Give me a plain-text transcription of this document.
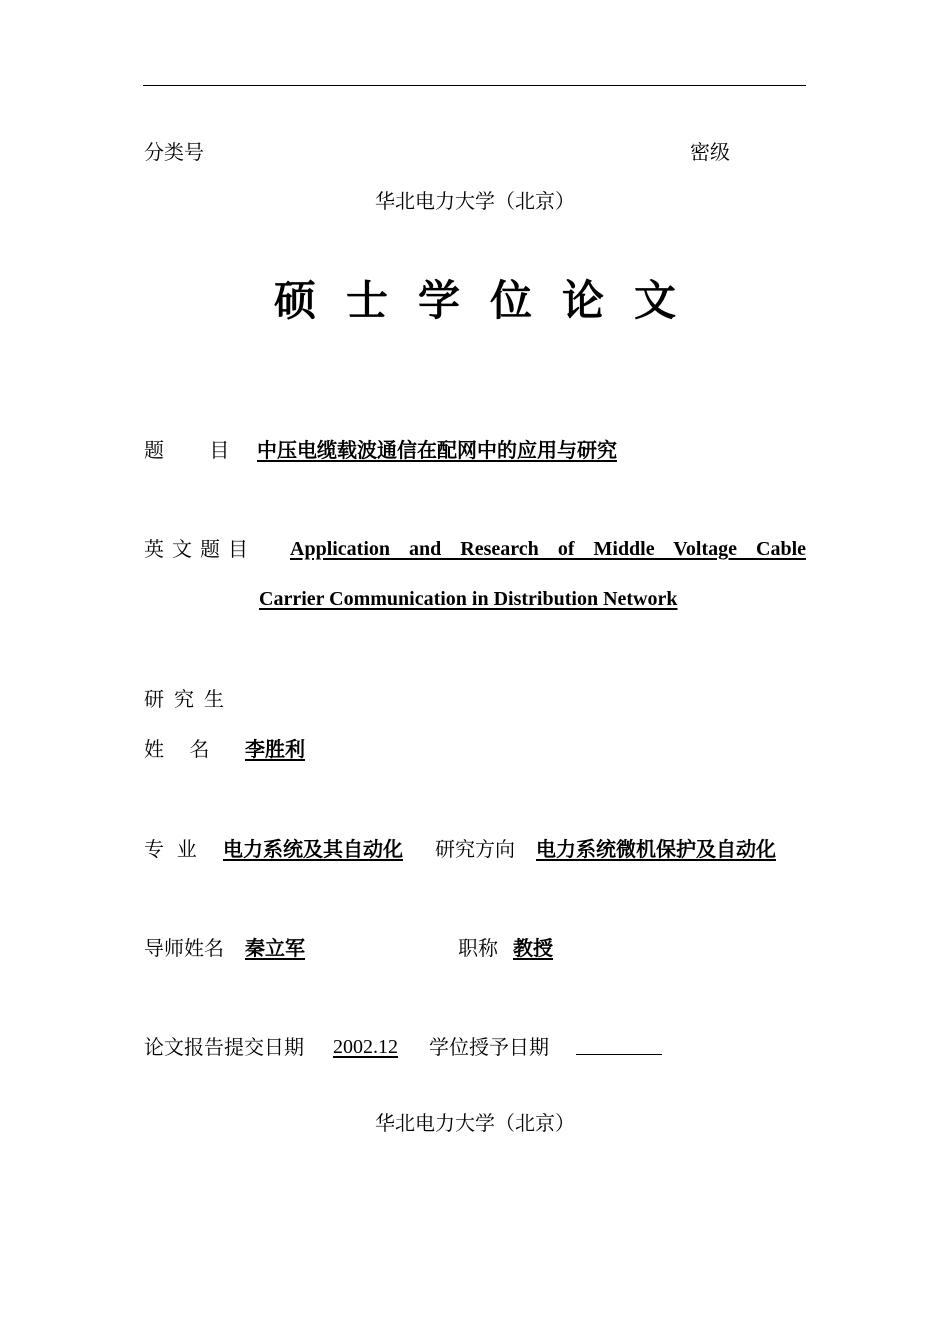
分类号	密级
华北电力大学（北京）
硕士学位论文
题    目 中压电缆载波通信在配网中的应用与研究
英文题目 Application and Research of Middle Voltage Cable
Carrier Communication in Distribution Network
研究生
姓    名 李胜利
专  业 电力系统及其自动化 研究方向 电力系统微机保护及自动化
导师姓名 秦立军	职称 教授
论文报告提交日期 2002.12 学位授予日期
华北电力大学（北京）
